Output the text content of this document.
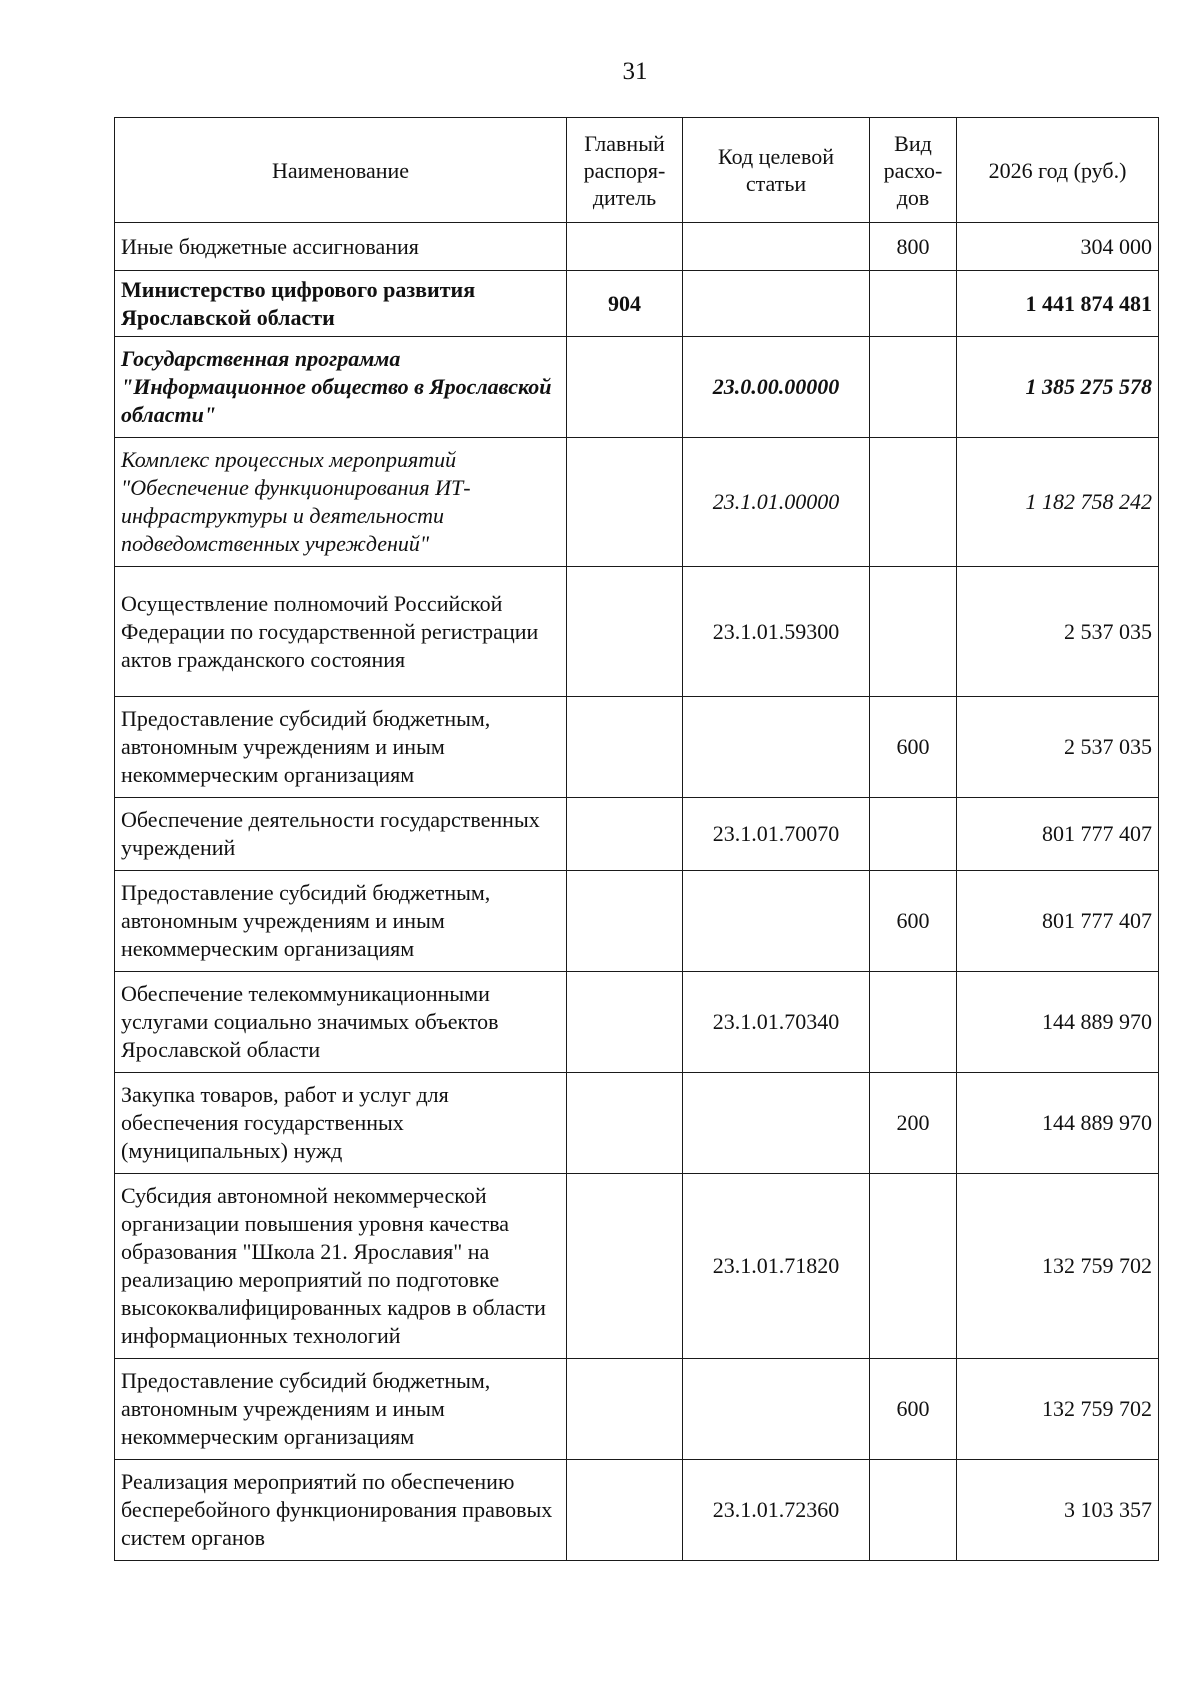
31
Наименование	Главный распоря-дитель	Код целевой статьи	Вид расхо-дов	2026 год (руб.)
Иные бюджетные ассигнования			800	304 000
Министерство цифрового развития Ярославской области	904			1 441 874 481
Государственная программа "Информационное общество в Ярославской области"		23.0.00.00000		1 385 275 578
Комплекс процессных мероприятий "Обеспечение функционирования ИТ-инфраструктуры и деятельности подведомственных учреждений"		23.1.01.00000		1 182 758 242
Осуществление полномочий Российской Федерации по государственной регистрации актов гражданского состояния		23.1.01.59300		2 537 035
Предоставление субсидий бюджетным, автономным учреждениям и иным некоммерческим организациям			600	2 537 035
Обеспечение деятельности государственных учреждений		23.1.01.70070		801 777 407
Предоставление субсидий бюджетным, автономным учреждениям и иным некоммерческим организациям			600	801 777 407
Обеспечение телекоммуникационными услугами социально значимых объектов Ярославской области		23.1.01.70340		144 889 970
Закупка товаров, работ и услуг для обеспечения государственных (муниципальных) нужд			200	144 889 970
Субсидия автономной некоммерческой организации повышения уровня качества образования "Школа 21. Ярославия" на реализацию мероприятий по подготовке высококвалифицированных кадров в области информационных технологий		23.1.01.71820		132 759 702
Предоставление субсидий бюджетным, автономным учреждениям и иным некоммерческим организациям			600	132 759 702
Реализация мероприятий по обеспечению бесперебойного функционирования правовых систем органов		23.1.01.72360		3 103 357
